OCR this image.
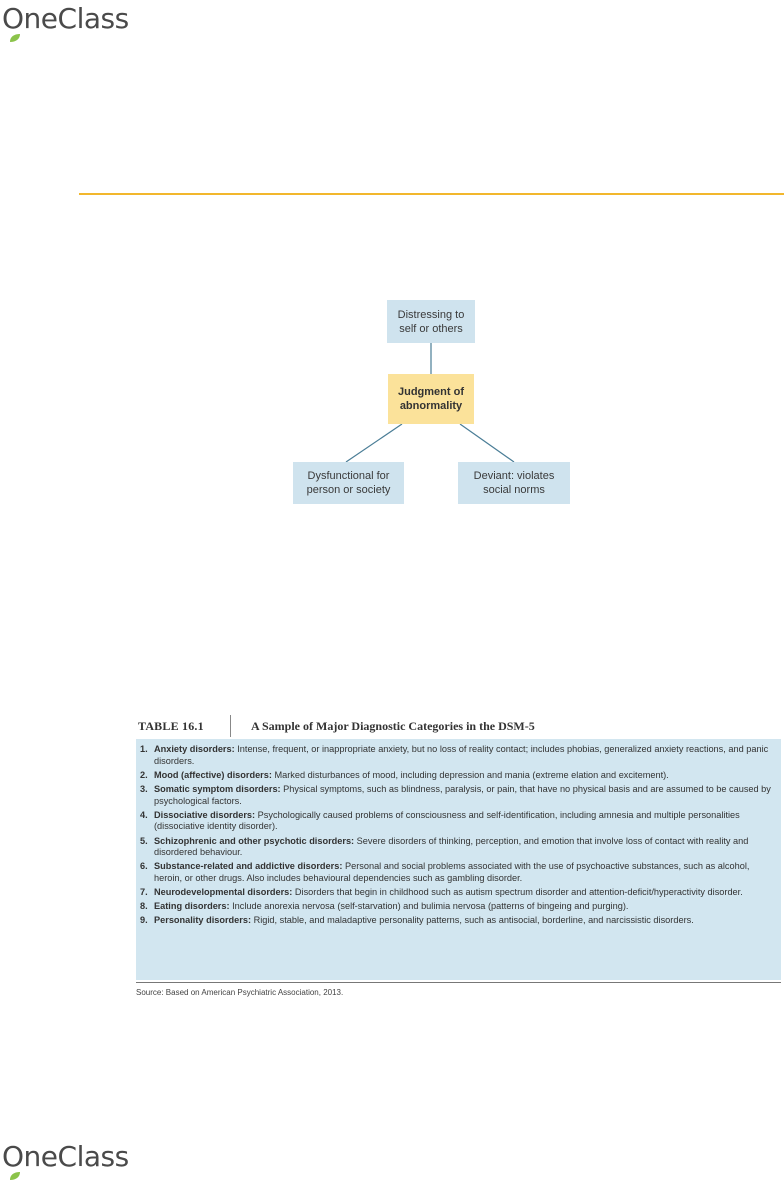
OneClass
Distressing to self or others
Judgment of abnormality
Dysfunctional for person or society
Deviant: violates social norms
TABLE 16.1	A Sample of Major Diagnostic Categories in the DSM-5
1. Anxiety disorders: Intense, frequent, or inappropriate anxiety, but no loss of reality contact; includes phobias, generalized anxiety reactions, and panic disorders.
2. Mood (affective) disorders: Marked disturbances of mood, including depression and mania (extreme elation and excitement).
3. Somatic symptom disorders: Physical symptoms, such as blindness, paralysis, or pain, that have no physical basis and are assumed to be caused by psychological factors.
4. Dissociative disorders: Psychologically caused problems of consciousness and self-identification, including amnesia and multiple personalities (dissociative identity disorder).
5. Schizophrenic and other psychotic disorders: Severe disorders of thinking, perception, and emotion that involve loss of contact with reality and disordered behaviour.
6. Substance-related and addictive disorders: Personal and social problems associated with the use of psychoactive substances, such as alcohol, heroin, or other drugs. Also includes behavioural dependencies such as gambling disorder.
7. Neurodevelopmental disorders: Disorders that begin in childhood such as autism spectrum disorder and attention-deficit/hyperactivity disorder.
8. Eating disorders: Include anorexia nervosa (self-starvation) and bulimia nervosa (patterns of bingeing and purging).
9. Personality disorders: Rigid, stable, and maladaptive personality patterns, such as antisocial, borderline, and narcissistic disorders.
Source: Based on American Psychiatric Association, 2013.
OneClass
